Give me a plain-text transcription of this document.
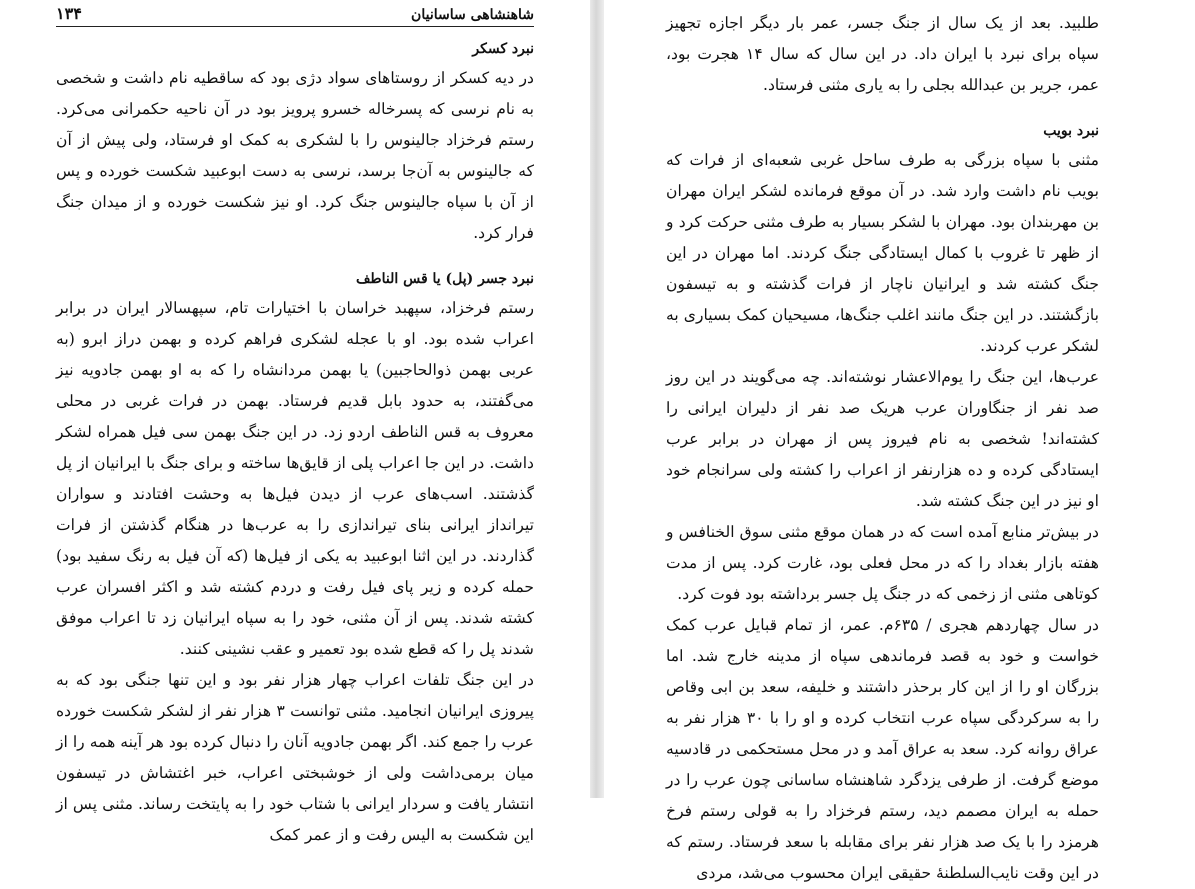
شاهنشاهی ساسانیان
۱۳۴
نبرد کسکر

در دیه کسکر از روستاهای سواد دژی بود که ساقطیه نام داشت و شخصی به نام نرسی که پسرخاله خسرو پرویز بود در آن ناحیه حکمرانی می‌کرد. رستم فرخزاد جالینوس را با لشکری به کمک او فرستاد، ولی پیش از آن که جالینوس به آن‌جا برسد، نرسی به دست ابوعبید شکست خورده و پس از آن با سپاه جالینوس جنگ کرد. او نیز شکست خورده و از میدان جنگ فرار کرد.

نبرد جسر (پل) یا قس الناطف

رستم فرخزاد، سپهبد خراسان با اختیارات تام، سپهسالار ایران در برابر اعراب شده بود. او با عجله لشکری فراهم کرده و بهمن دراز ابرو (به عربی بهمن ذوالحاجبین) یا بهمن مردانشاه را که به او بهمن جادویه نیز می‌گفتند، به حدود بابل قدیم فرستاد. بهمن در فرات غربی در محلی معروف به قس الناطف اردو زد. در این جنگ بهمن سی فیل همراه لشکر داشت. در این جا اعراب پلی از قایق‌ها ساخته و برای جنگ با ایرانیان از پل گذشتند. اسب‌های عرب از دیدن فیل‌ها به وحشت افتادند و سواران تیرانداز ایرانی بنای تیراندازی را به عرب‌ها در هنگام گذشتن از فرات گذاردند. در این اثنا ابوعبید به یکی از فیل‌ها (که آن فیل به رنگ سفید بود) حمله کرده و زیر پای فیل رفت و دردم کشته شد و اکثر افسران عرب کشته شدند. پس از آن مثنی، خود را به سپاه ایرانیان زد تا اعراب موفق شدند پل را که قطع شده بود تعمیر و عقب نشینی کنند.

در این جنگ تلفات اعراب چهار هزار نفر بود و این تنها جنگی بود که به پیروزی ایرانیان انجامید. مثنی توانست ۳ هزار نفر از لشکر شکست خورده عرب را جمع کند. اگر بهمن جادویه آنان را دنبال کرده بود هر آینه همه را از میان برمی‌داشت ولی از خوشبختی اعراب، خبر اغتشاش در تیسفون انتشار یافت و سردار ایرانی با شتاب خود را به پایتخت رساند. مثنی پس از این شکست به الیس رفت و از عمر کمک

طلبید. بعد از یک سال از جنگ جسر، عمر بار دیگر اجازه تجهیز سپاه برای نبرد با ایران داد. در این سال که سال ۱۴ هجرت بود، عمر، جریر بن عبدالله بجلی را به یاری مثنی فرستاد.

نبرد بویب

مثنی با سپاه بزرگی به طرف ساحل غربی شعبه‌ای از فرات که بویب نام داشت وارد شد. در آن موقع فرمانده لشکر ایران مهران بن مهربندان بود. مهران با لشکر بسیار به طرف مثنی حرکت کرد و از ظهر تا غروب با کمال ایستادگی جنگ کردند. اما مهران در این جنگ کشته شد و ایرانیان ناچار از فرات گذشته و به تیسفون بازگشتند. در این جنگ مانند اغلب جنگ‌ها، مسیحیان کمک بسیاری به لشکر عرب کردند.

عرب‌ها، این جنگ را یوم‌الاعشار نوشته‌اند. چه می‌گویند در این روز صد نفر از جنگاوران عرب هریک صد نفر از دلیران ایرانی را کشته‌اند! شخصی به نام فیروز پس از مهران در برابر عرب ایستادگی کرده و ده هزارنفر از اعراب را کشته ولی سرانجام خود او نیز در این جنگ کشته شد.

در بیش‌تر منابع آمده است که در همان موقع مثنی سوق الخنافس و هفته بازار بغداد را که در محل فعلی بود، غارت کرد. پس از مدت کوتاهی مثنی از زخمی که در جنگ پل جسر برداشته بود فوت کرد.

در سال چهاردهم هجری / ۶۳۵م. عمر، از تمام قبایل عرب کمک خواست و خود به قصد فرماندهی سپاه از مدینه خارج شد. اما بزرگان او را از این کار برحذر داشتند و خلیفه، سعد بن ابی وقاص را به سرکردگی سپاه عرب انتخاب کرده و او را با ۳۰ هزار نفر به عراق روانه کرد. سعد به عراق آمد و در محل مستحکمی در قادسیه موضع گرفت. از طرفی یزدگرد شاهنشاه ساسانی چون عرب را در حمله به ایران مصمم دید، رستم فرخزاد را به قولی رستم فرخ هرمزد را با یک صد هزار نفر برای مقابله با سعد فرستاد. رستم که در این وقت نایب‌السلطنهٔ حقیقی ایران محسوب می‌شد، مردی
